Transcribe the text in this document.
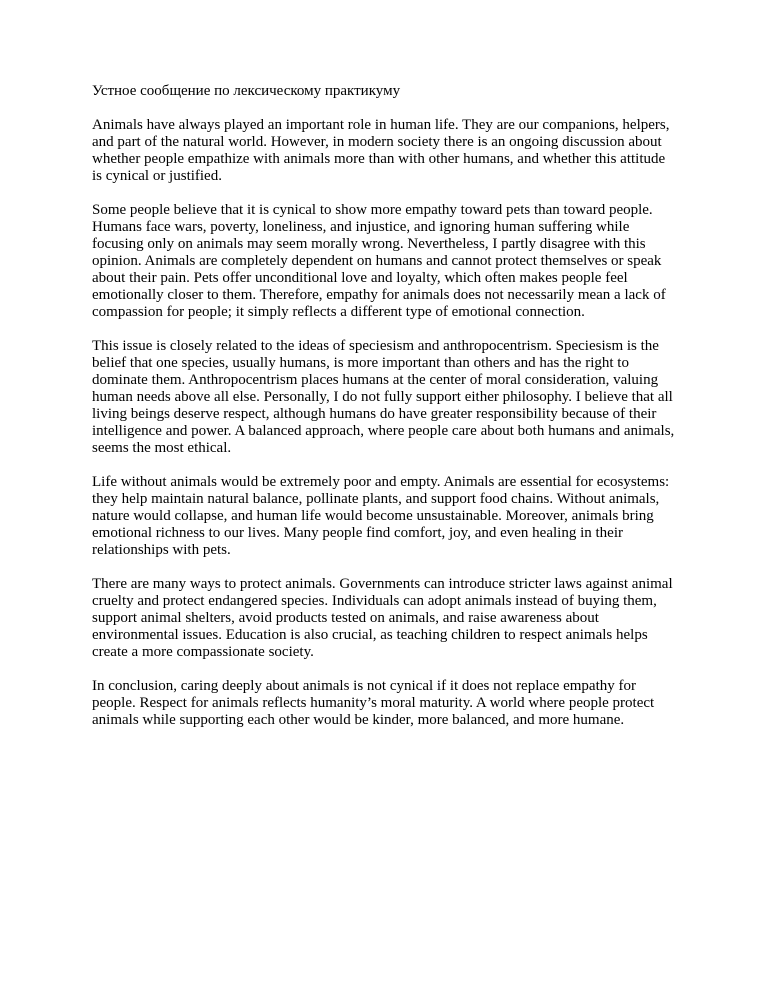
Устное сообщение по лексическому практикуму

Animals have always played an important role in human life. They are our companions, helpers, and part of the natural world. However, in modern society there is an ongoing discussion about whether people empathize with animals more than with other humans, and whether this attitude is cynical or justified.

Some people believe that it is cynical to show more empathy toward pets than toward people. Humans face wars, poverty, loneliness, and injustice, and ignoring human suffering while focusing only on animals may seem morally wrong. Nevertheless, I partly disagree with this opinion. Animals are completely dependent on humans and cannot protect themselves or speak about their pain. Pets offer unconditional love and loyalty, which often makes people feel emotionally closer to them. Therefore, empathy for animals does not necessarily mean a lack of compassion for people; it simply reflects a different type of emotional connection.

This issue is closely related to the ideas of speciesism and anthropocentrism. Speciesism is the belief that one species, usually humans, is more important than others and has the right to dominate them. Anthropocentrism places humans at the center of moral consideration, valuing human needs above all else. Personally, I do not fully support either philosophy. I believe that all living beings deserve respect, although humans do have greater responsibility because of their intelligence and power. A balanced approach, where people care about both humans and animals, seems the most ethical.

Life without animals would be extremely poor and empty. Animals are essential for ecosystems: they help maintain natural balance, pollinate plants, and support food chains. Without animals, nature would collapse, and human life would become unsustainable. Moreover, animals bring emotional richness to our lives. Many people find comfort, joy, and even healing in their relationships with pets.

There are many ways to protect animals. Governments can introduce stricter laws against animal cruelty and protect endangered species. Individuals can adopt animals instead of buying them, support animal shelters, avoid products tested on animals, and raise awareness about environmental issues. Education is also crucial, as teaching children to respect animals helps create a more compassionate society.

In conclusion, caring deeply about animals is not cynical if it does not replace empathy for people. Respect for animals reflects humanity’s moral maturity. A world where people protect animals while supporting each other would be kinder, more balanced, and more humane.
